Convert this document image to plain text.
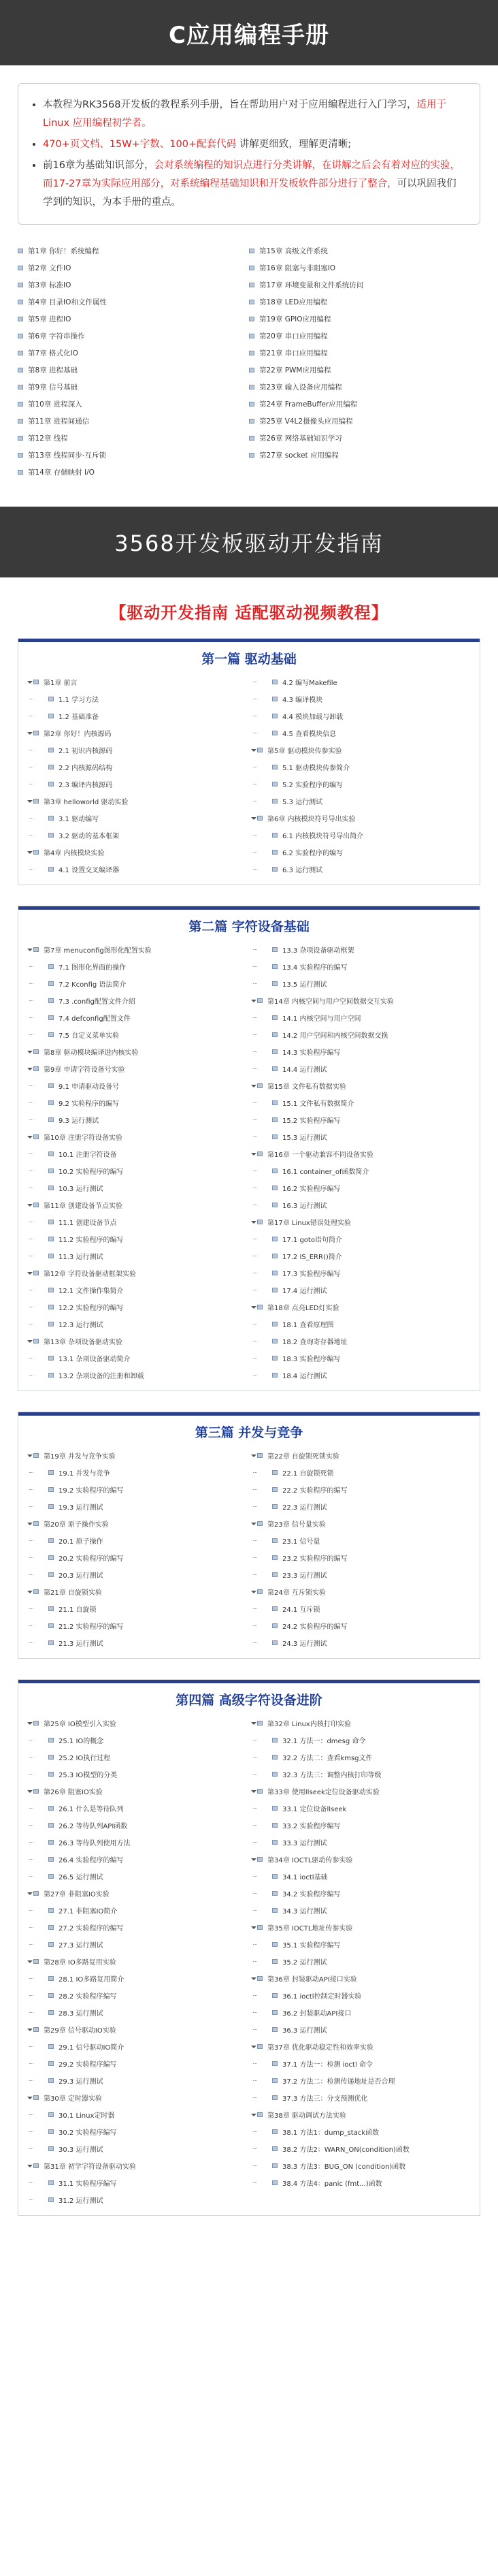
C应用编程手册
• 本教程为RK3568开发板的教程系列手册，旨在帮助用户对于应用编程进行入门学习，适用于 Linux 应用编程初学者。
• 470+页文档、15W+字数、100+配套代码 讲解更细致，理解更清晰;
• 前16章为基础知识部分，会对系统编程的知识点进行分类讲解，在讲解之后会有着对应的实验，而17-27章为实际应用部分，对系统编程基础知识和开发板软件部分进行了整合，可以巩固我们学到的知识，为本手册的重点。
第1章 你好！系统编程
第2章 文件IO
第3章 标准IO
第4章 目录IO和文件属性
第5章 进程IO
第6章 字符串操作
第7章 格式化IO
第8章 进程基础
第9章 信号基础
第10章 进程深入
第11章 进程间通信
第12章 线程
第13章 线程同步-互斥锁
第14章 存储映射 I/O
第15章 高级文件系统
第16章 阻塞与非阻塞IO
第17章 环境变量和文件系统访问
第18章 LED应用编程
第19章 GPIO应用编程
第20章 串口应用编程
第21章 串口应用编程
第22章 PWM应用编程
第23章 输入设备应用编程
第24章 FrameBuffer应用编程
第25章 V4L2摄像头应用编程
第26章 网络基础知识学习
第27章 socket 应用编程
3568开发板驱动开发指南
【驱动开发指南 适配驱动视频教程】
第一篇 驱动基础
第1章 前言
1.1 学习方法
1.2 基础准备
第2章 你好！内核源码
2.1 初识内核源码
2.2 内核源码结构
2.3 编译内核源码
第3章 helloworld 驱动实验
3.1 驱动编写
3.2 驱动的基本框架
第4章 内核模块实验
4.1 设置交叉编译器
4.2 编写Makefile
4.3 编译模块
4.4 模块加载与卸载
4.5 查看模块信息
第5章 驱动模块传参实验
5.1 驱动模块传参简介
5.2 实验程序的编写
5.3 运行测试
第6章 内核模块符号导出实验
6.1 内核模块符号导出简介
6.2 实验程序的编写
6.3 运行测试
第二篇 字符设备基础
第7章 menuconfig图形化配置实验
7.1 图形化界面的操作
7.2 Kconfig 语法简介
7.3 .config配置文件介绍
7.4 defconfig配置文件
7.5 自定义菜单实验
第8章 驱动模块编译进内核实验
第9章 申请字符设备号实验
9.1 申请驱动设备号
9.2 实验程序的编写
9.3 运行测试
第10章 注册字符设备实验
10.1 注册字符设备
10.2 实验程序的编写
10.3 运行测试
第11章 创建设备节点实验
11.1 创建设备节点
11.2 实验程序的编写
11.3 运行测试
第12章 字符设备驱动框架实验
12.1 文件操作集简介
12.2 实验程序的编写
12.3 运行测试
第13章 杂项设备驱动实验
13.1 杂项设备驱动简介
13.2 杂项设备的注册和卸载
13.3 杂项设备驱动框架
13.4 实验程序的编写
13.5 运行测试
第14章 内核空间与用户空间数据交互实验
14.1 内核空间与用户空间
14.2 用户空间和内核空间数据交换
14.3 实验程序编写
14.4 运行测试
第15章 文件私有数据实验
15.1 文件私有数据简介
15.2 实验程序编写
15.3 运行测试
第16章 一个驱动兼容不同设备实验
16.1 container_of函数简介
16.2 实验程序编写
16.3 运行测试
第17章 Linux错误处理实验
17.1 goto语句简介
17.2 IS_ERR()简介
17.3 实验程序编写
17.4 运行测试
第18章 点亮LED灯实验
18.1 查看原理图
18.2 查询寄存器地址
18.3 实验程序编写
18.4 运行测试
第三篇 并发与竞争
第19章 并发与竞争实验
19.1 并发与竞争
19.2 实验程序的编写
19.3 运行测试
第20章 原子操作实验
20.1 原子操作
20.2 实验程序的编写
20.3 运行测试
第21章 自旋锁实验
21.1 自旋锁
21.2 实验程序的编写
21.3 运行测试
第22章 自旋锁死锁实验
22.1 自旋锁死锁
22.2 实验程序的编写
22.3 运行测试
第23章 信号量实验
23.1 信号量
23.2 实验程序的编写
23.3 运行测试
第24章 互斥锁实验
24.1 互斥锁
24.2 实验程序的编写
24.3 运行测试
第四篇 高级字符设备进阶
第25章 IO模型引入实验
25.1 IO的概念
25.2 IO执行过程
25.3 IO模型的分类
第26章 阻塞IO实验
26.1 什么是等待队列
26.2 等待队列API函数
26.3 等待队列使用方法
26.4 实验程序的编写
26.5 运行测试
第27章 非阻塞IO实验
27.1 非阻塞IO简介
27.2 实验程序的编写
27.3 运行测试
第28章 IO多路复用实验
28.1 IO多路复用简介
28.2 实验程序编写
28.3 运行测试
第29章 信号驱动IO实验
29.1 信号驱动IO简介
29.2 实验程序编写
29.3 运行测试
第30章 定时器实验
30.1 Linux定时器
30.2 实验程序编写
30.3 运行测试
第31章 初学字符设备驱动实验
31.1 实验程序编写
31.2 运行测试
第32章 Linux内核打印实验
32.1 方法一：dmesg 命令
32.2 方法二：查看kmsg文件
32.3 方法三：调整内核打印等级
第33章 使用llseek定位设备驱动实验
33.1 定位设备llseek
33.2 实验程序编写
33.3 运行测试
第34章 IOCTL驱动传参实验
34.1 ioctl基础
34.2 实验程序编写
34.3 运行测试
第35章 IOCTL地址传参实验
35.1 实验程序编写
35.2 运行测试
第36章 封装驱动API接口实验
36.1 ioctl控制定时器实验
36.2 封装驱动API接口
36.3 运行测试
第37章 优化驱动稳定性和效率实验
37.1 方法一：检测 ioctl 命令
37.2 方法二：检测传递地址是否合理
37.3 方法三：分支预测优化
第38章 驱动调试方法实验
38.1 方法1：dump_stack函数
38.2 方法2：WARN_ON(condition)函数
38.3 方法3：BUG_ON (condition)函数
38.4 方法4：panic (fmt...)函数
